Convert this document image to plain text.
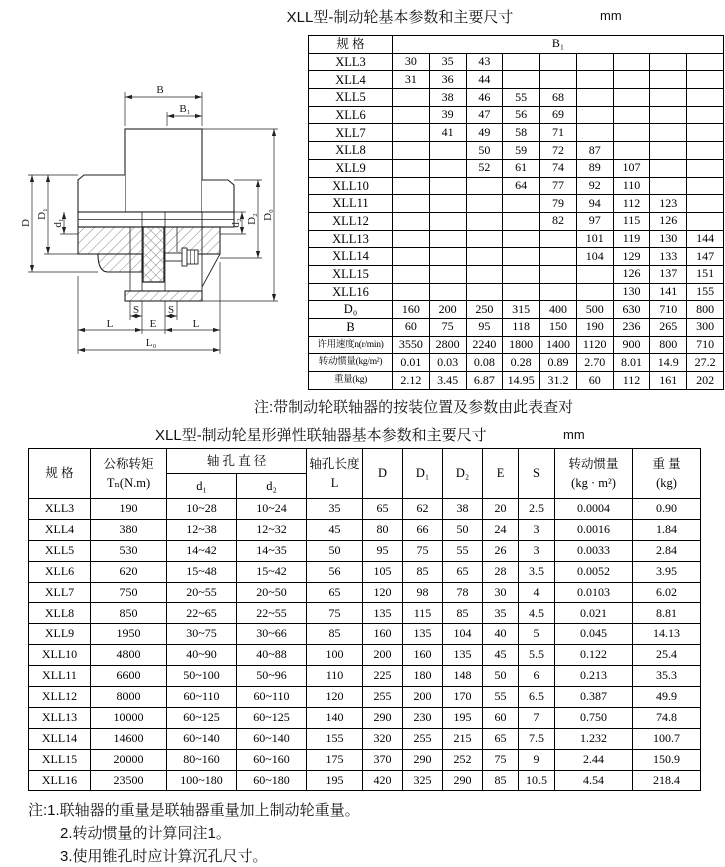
XLL型-制动轮基本参数和主要尺寸	mm
B
B₁
D
D₁
d₁	d₂ D₂ D₀
S	S
L	E	L
L₀
规 格	B₁								
XLL3	30	35	43						
XLL4	31	36	44						
XLL5		38	46	55	68				
XLL6		39	47	56	69				
XLL7		41	49	58	71				
XLL8			50	59	72	87			
XLL9			52	61	74	89	107		
XLL10				64	77	92	110		
XLL11					79	94	112	123	
XLL12					82	97	115	126	
XLL13						101	119	130	144
XLL14						104	129	133	147
XLL15							126	137	151
XLL16							130	141	155
D₀	160	200	250	315	400	500	630	710	800
B	60	75	95	118	150	190	236	265	300
许用速度n(r/min)	3550	2800	2240	1800	1400	1120	900	800	710
转动惯量(kg/m²)	0.01	0.03	0.08	0.28	0.89	2.70	8.01	14.9	27.2
重量(kg)	2.12	3.45	6.87	14.95	31.2	60	112	161	202
注:带制动轮联轴器的按装位置及参数由此表查对
XLL型-制动轮星形弹性联轴器基本参数和主要尺寸	mm
规 格

公称转矩
Tₙ(N.m)

轴 孔 直 径	轴孔长度
L

D	D₁	D₂	E	S

转动惯量
(kg · m²)

重 量
(kg)

		d₁	d₂								

XLL3	190	10~28	10~24	35	65	62	38	20	2.5	0.0004	0.90
XLL4	380	12~38	12~32	45	80	66	50	24	3	0.0016	1.84
XLL5	530	14~42	14~35	50	95	75	55	26	3	0.0033	2.84
XLL6	620	15~48	15~42	56	105	85	65	28	3.5	0.0052	3.95
XLL7	750	20~55	20~50	65	120	98	78	30	4	0.0103	6.02
XLL8	850	22~65	22~55	75	135	115	85	35	4.5	0.021	8.81
XLL9	1950	30~75	30~66	85	160	135	104	40	5	0.045	14.13
XLL10	4800	40~90	40~88	100	200	160	135	45	5.5	0.122	25.4
XLL11	6600	50~100	50~96	110	225	180	148	50	6	0.213	35.3
XLL12	8000	60~110	60~110	120	255	200	170	55	6.5	0.387	49.9
XLL13	10000	60~125	60~125	140	290	230	195	60	7	0.750	74.8
XLL14	14600	60~140	60~140	155	320	255	215	65	7.5	1.232	100.7
XLL15	20000	80~160	60~160	175	370	290	252	75	9	2.44	150.9
XLL16	23500	100~180	60~180	195	420	325	290	85	10.5	4.54	218.4
注:1.联轴器的重量是联轴器重量加上制动轮重量。
2.转动惯量的计算同注1。
3.使用锥孔时应计算沉孔尺寸。
